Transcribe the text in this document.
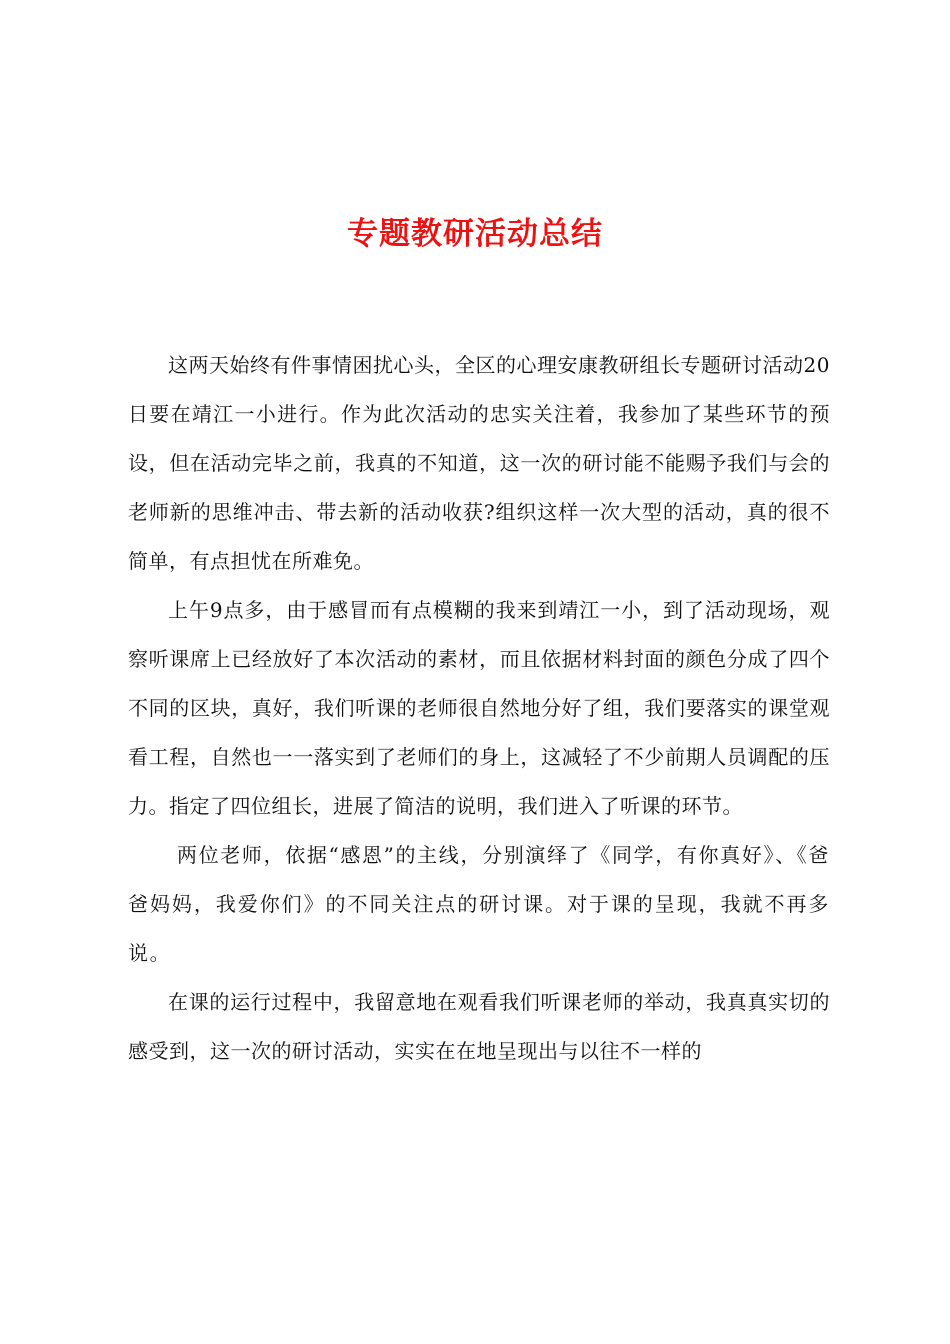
专题教研活动总结

这两天始终有件事情困扰心头，全区的心理安康教研组长专题研讨活动20日要在靖江一小进行。作为此次活动的忠实关注着，我参加了某些环节的预设，但在活动完毕之前，我真的不知道，这一次的研讨能不能赐予我们与会的老师新的思维冲击、带去新的活动收获?组织这样一次大型的活动，真的很不简单，有点担忧在所难免。

上午9点多，由于感冒而有点模糊的我来到靖江一小，到了活动现场，观察听课席上已经放好了本次活动的素材，而且依据材料封面的颜色分成了四个不同的区块，真好，我们听课的老师很自然地分好了组，我们要落实的课堂观看工程，自然也一一落实到了老师们的身上，这减轻了不少前期人员调配的压力。指定了四位组长，进展了简洁的说明，我们进入了听课的环节。

两位老师，依据“感恩”的主线，分别演绎了《同学，有你真好》、《爸爸妈妈，我爱你们》的不同关注点的研讨课。对于课的呈现，我就不再多说。

在课的运行过程中，我留意地在观看我们听课老师的举动，我真真实切的感受到，这一次的研讨活动，实实在在地呈现出与以往不一样的
